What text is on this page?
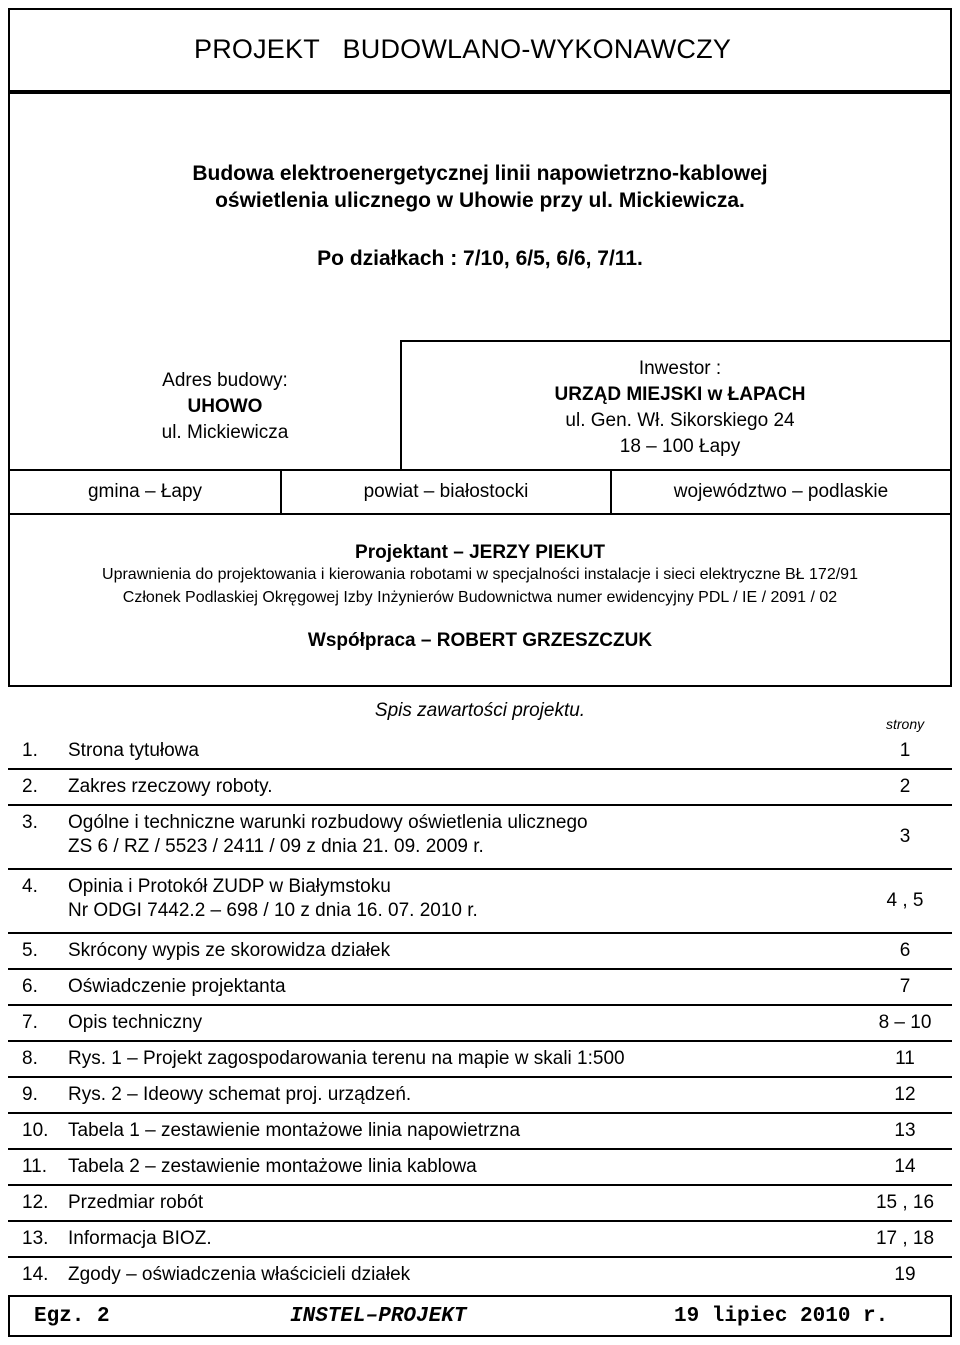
PROJEKT   BUDOWLANO-WYKONAWCZY
Budowa elektroenergetycznej linii napowietrzno-kablowej
oświetlenia ulicznego w Uhowie przy ul. Mickiewicza.
Po działkach : 7/10, 6/5, 6/6, 7/11.
Adres budowy:
UHOWO
ul. Mickiewicza
Inwestor :
URZĄD MIEJSKI w ŁAPACH
ul. Gen. Wł. Sikorskiego 24
18 – 100 Łapy
gmina – Łapy	powiat – białostocki	województwo – podlaskie
Projektant – JERZY PIEKUT
Uprawnienia do projektowania i kierowania robotami w specjalności instalacje i sieci elektryczne BŁ 172/91
Członek Podlaskiej Okręgowej Izby Inżynierów Budownictwa numer ewidencyjny PDL / IE / 2091 / 02
Współpraca – ROBERT GRZESZCZUK
Spis zawartości projektu.
strony
1. Strona tytułowa	1
2. Zakres rzeczowy roboty.	2
3. Ogólne i techniczne warunki rozbudowy oświetlenia ulicznego
ZS 6 / RZ / 5523 / 2411 / 09 z dnia 21. 09. 2009 r.	3
4. Opinia i Protokół ZUDP w Białymstoku
Nr ODGI 7442.2 – 698 / 10 z dnia 16. 07. 2010 r.	4 , 5
5. Skrócony wypis ze skorowidza działek	6
6. Oświadczenie projektanta	7
7. Opis techniczny	8 – 10
8. Rys. 1 – Projekt zagospodarowania terenu na mapie w skali 1:500	11
9. Rys. 2 – Ideowy schemat proj. urządzeń.	12
10. Tabela 1 – zestawienie montażowe linia napowietrzna	13
11. Tabela 2 – zestawienie montażowe linia kablowa	14
12. Przedmiar robót	15 , 16
13. Informacja BIOZ.	17 , 18
14. Zgody – oświadczenia właścicieli działek	19
Egz. 2	INSTEL–PROJEKT	19 lipiec 2010 r.
